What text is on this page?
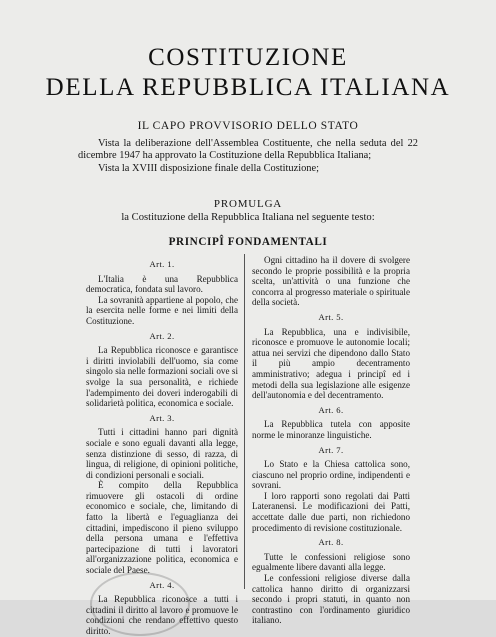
COSTITUZIONE
DELLA REPUBBLICA ITALIANA
IL CAPO PROVVISORIO DELLO STATO

Vista la deliberazione dell'Assemblea Costituente, che nella seduta del 22 dicembre 1947 ha approvato la Costituzione della Repubblica Italiana;

Vista la XVIII disposizione finale della Costituzione;

PROMULGA
la Costituzione della Repubblica Italiana nel seguente testo:
PRINCIPÎ FONDAMENTALI
Art. 1.

L'Italia è una Repubblica democratica, fondata sul lavoro.

La sovranità appartiene al popolo, che la esercita nelle forme e nei limiti della Costituzione.

Art. 2.

La Repubblica riconosce e garantisce i diritti inviolabili dell'uomo, sia come singolo sia nelle formazioni sociali ove si svolge la sua personalità, e richiede l'adempimento dei doveri inderogabili di solidarietà politica, economica e sociale.

Art. 3.

Tutti i cittadini hanno pari dignità sociale e sono eguali davanti alla legge, senza distinzione di sesso, di razza, di lingua, di religione, di opinioni politiche, di condizioni personali e sociali.

È compito della Repubblica rimuovere gli ostacoli di ordine economico e sociale, che, limitando di fatto la libertà e l'eguaglianza dei cittadini, impediscono il pieno sviluppo della persona umana e l'effettiva partecipazione di tutti i lavoratori all'organizzazione politica, economica e sociale del Paese.

Art. 4.

La Repubblica riconosce a tutti i cittadini il diritto al lavoro e promuove le condizioni che rendano effettivo questo diritto.

Ogni cittadino ha il dovere di svolgere secondo le proprie possibilità e la propria scelta, un'attività o una funzione che concorra al progresso materiale o spirituale della società.

Art. 5.

La Repubblica, una e indivisibile, riconosce e promuove le autonomie locali; attua nei servizi che dipendono dallo Stato il più ampio decentramento amministrativo; adegua i principî ed i metodi della sua legislazione alle esigenze dell'autonomia e del decentramento.

Art. 6.

La Repubblica tutela con apposite norme le minoranze linguistiche.

Art. 7.

Lo Stato e la Chiesa cattolica sono, ciascuno nel proprio ordine, indipendenti e sovrani.

I loro rapporti sono regolati dai Patti Lateranensi. Le modificazioni dei Patti, accettate dalle due parti, non richiedono procedimento di revisione costituzionale.

Art. 8.

Tutte le confessioni religiose sono egualmente libere davanti alla legge.

Le confessioni religiose diverse dalla cattolica hanno diritto di organizzarsi secondo i propri statuti, in quanto non contrastino con l'ordinamento giuridico italiano.
